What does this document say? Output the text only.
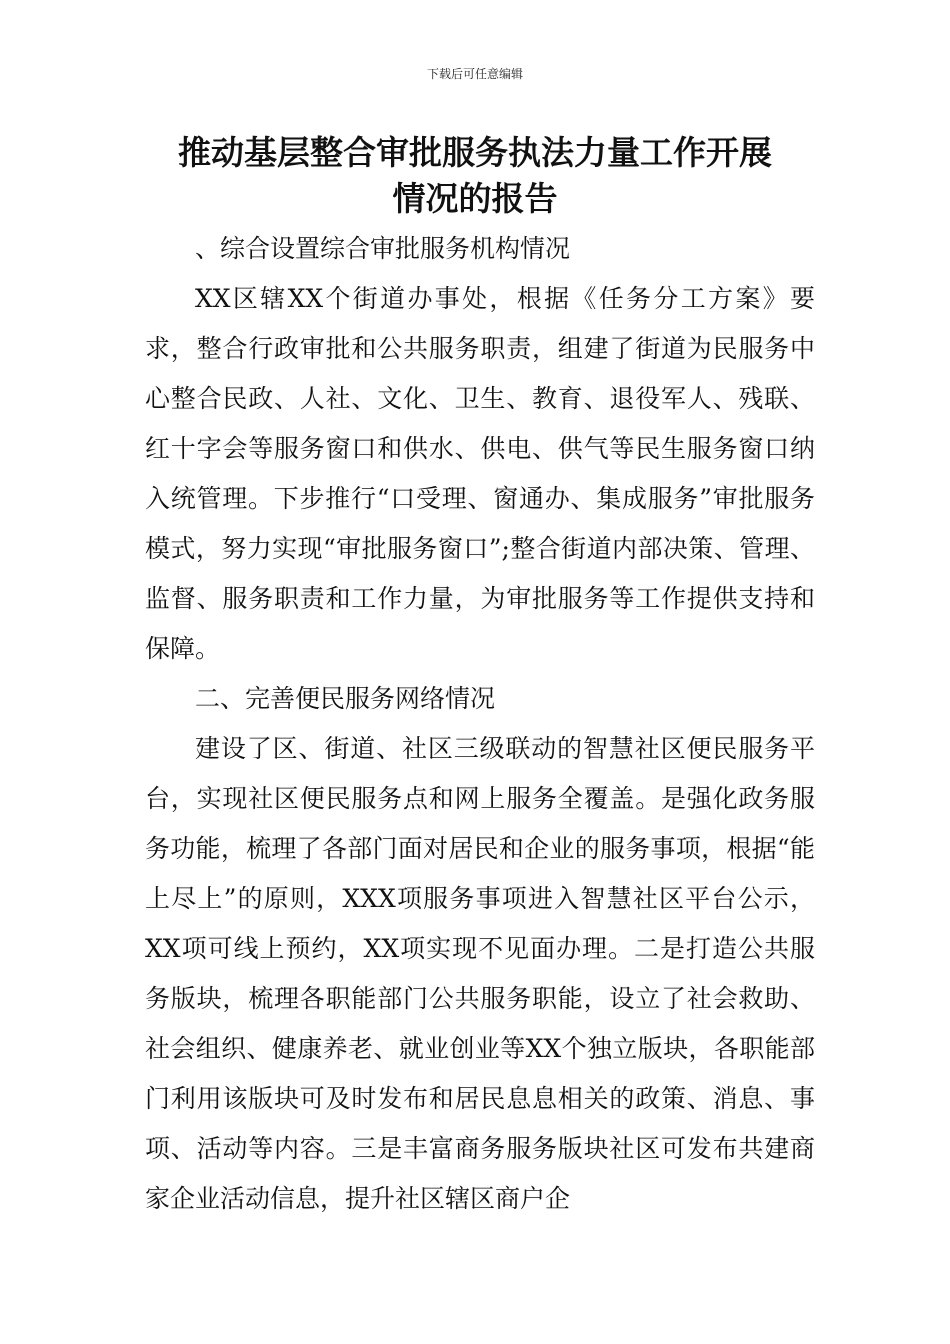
下载后可任意编辑
推动基层整合审批服务执法力量工作开展
情况的报告

、综合设置综合审批服务机构情况

XX区辖XX个街道办事处，根据《任务分工方案》要求，整合行政审批和公共服务职责，组建了街道为民服务中心整合民政、人社、文化、卫生、教育、退役军人、残联、红十字会等服务窗口和供水、供电、供气等民生服务窗口纳入统管理。下步推行“口受理、窗通办、集成服务”审批服务模式，努力实现“审批服务窗口”;整合街道内部决策、管理、监督、服务职责和工作力量，为审批服务等工作提供支持和保障。

二、完善便民服务网络情况

建设了区、街道、社区三级联动的智慧社区便民服务平台，实现社区便民服务点和网上服务全覆盖。是强化政务服务功能，梳理了各部门面对居民和企业的服务事项，根据“能上尽上”的原则，XXX项服务事项进入智慧社区平台公示，XX项可线上预约，XX项实现不见面办理。二是打造公共服务版块，梳理各职能部门公共服务职能，设立了社会救助、社会组织、健康养老、就业创业等XX个独立版块，各职能部门利用该版块可及时发布和居民息息相关的政策、消息、事项、活动等内容。三是丰富商务服务版块社区可发布共建商家企业活动信息，提升社区辖区商户企
